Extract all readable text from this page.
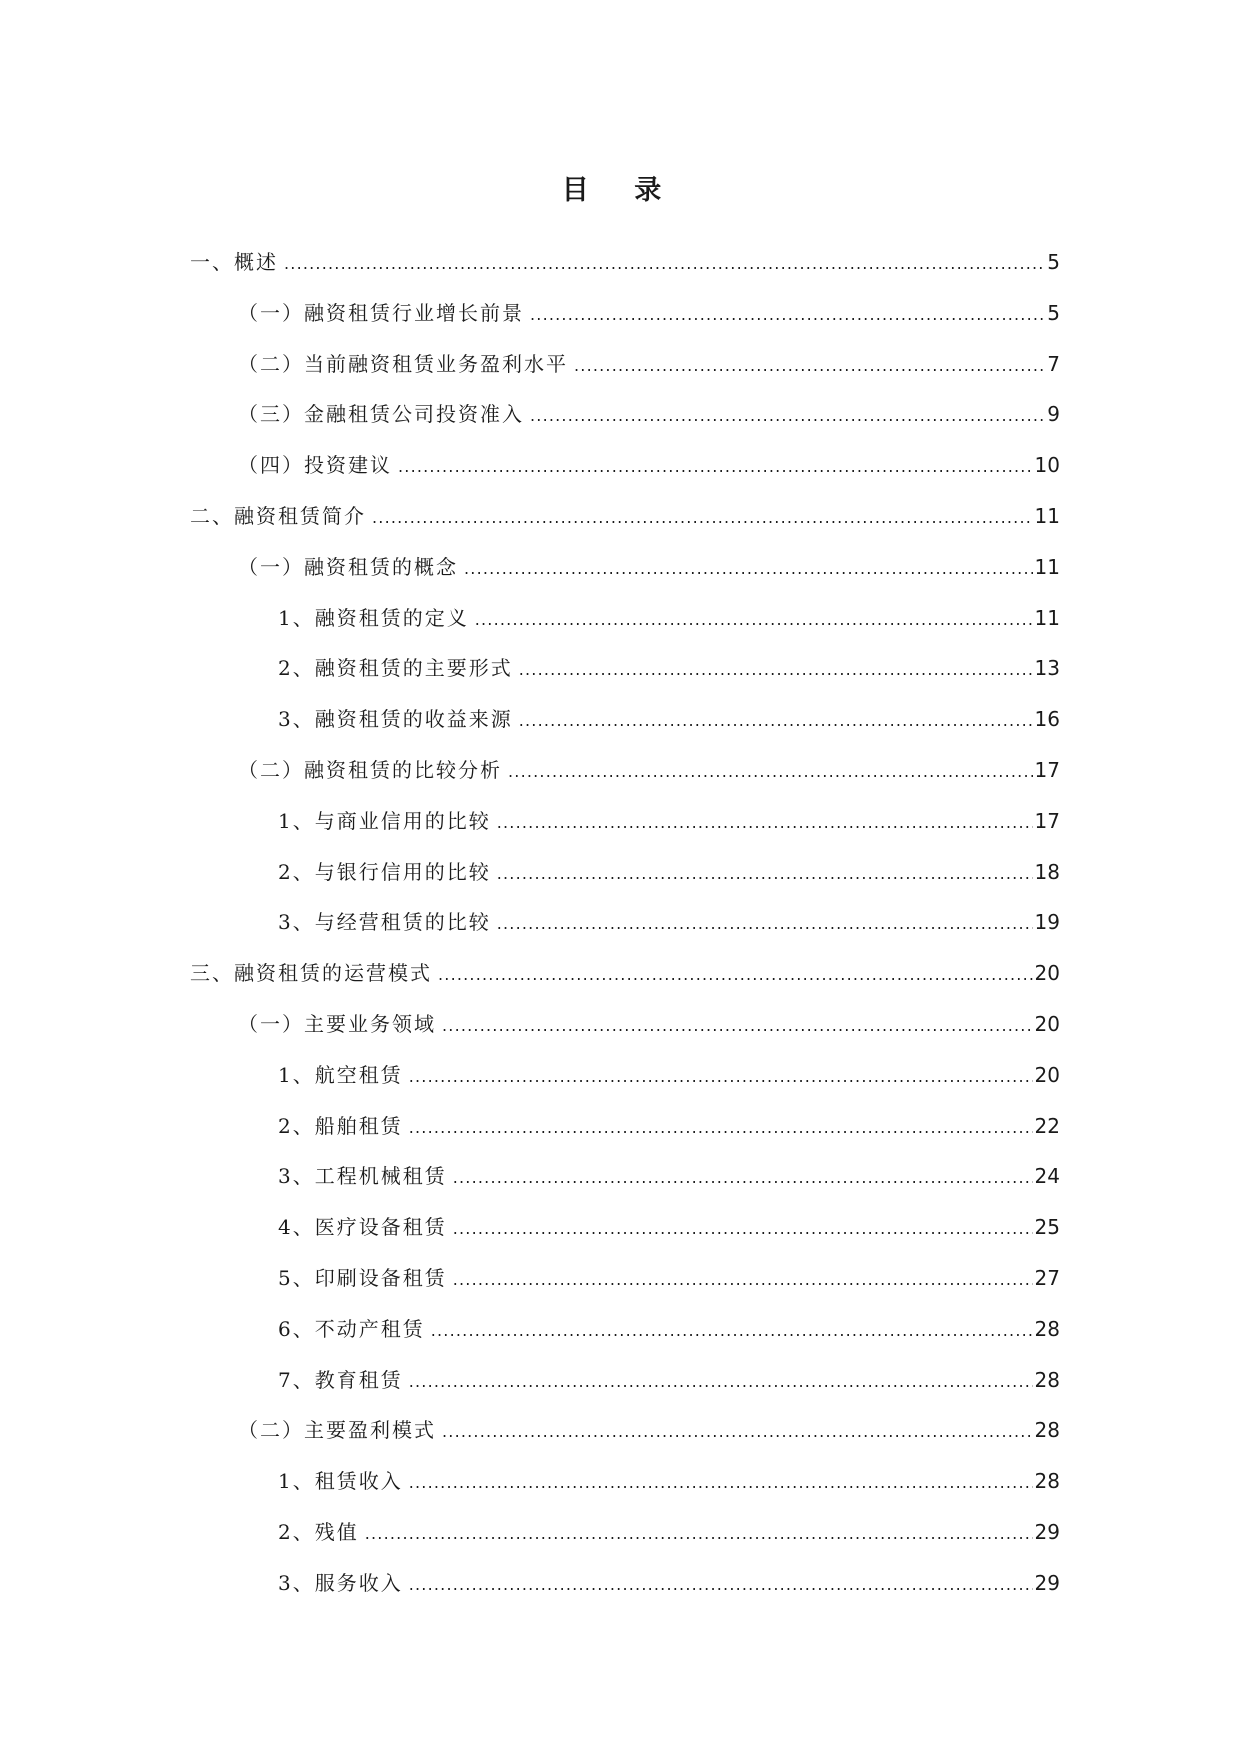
目 录
一、概述 .....	5
（一）融资租赁行业增长前景 .....	5
（二）当前融资租赁业务盈利水平 .....	7
（三）金融租赁公司投资准入 .....	9
（四）投资建议 .....	10
二、融资租赁简介 .....	11
（一）融资租赁的概念 .....	11
1、融资租赁的定义 .....	11
2、融资租赁的主要形式 .....	13
3、融资租赁的收益来源 .....	16
（二）融资租赁的比较分析 .....	17
1、与商业信用的比较 .....	17
2、与银行信用的比较 .....	18
3、与经营租赁的比较 .....	19
三、融资租赁的运营模式 .....	20
（一）主要业务领域 .....	20
1、航空租赁 .....	20
2、船舶租赁 .....	22
3、工程机械租赁 .....	24
4、医疗设备租赁 .....	25
5、印刷设备租赁 .....	27
6、不动产租赁 .....	28
7、教育租赁 .....	28
（二）主要盈利模式 .....	28
1、租赁收入 .....	28
2、残值 .....	29
3、服务收入 .....	29
